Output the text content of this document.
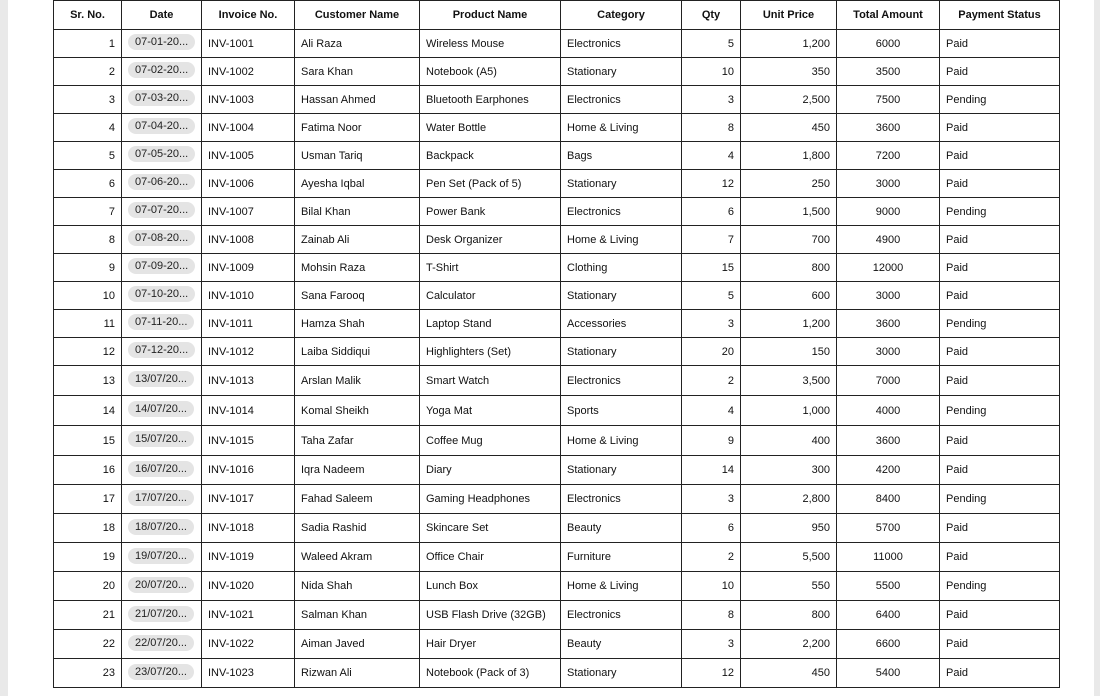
Sr. No.	Date	Invoice No.	Customer Name	Product Name	Category	Qty	Unit Price	Total Amount	Payment Status
1	07-01-20...	INV-1001	Ali Raza	Wireless Mouse	Electronics	5	1,200	6000	Paid
2	07-02-20...	INV-1002	Sara Khan	Notebook (A5)	Stationary	10	350	3500	Paid
3	07-03-20...	INV-1003	Hassan Ahmed	Bluetooth Earphones	Electronics	3	2,500	7500	Pending
4	07-04-20...	INV-1004	Fatima Noor	Water Bottle	Home & Living	8	450	3600	Paid
5	07-05-20...	INV-1005	Usman Tariq	Backpack	Bags	4	1,800	7200	Paid
6	07-06-20...	INV-1006	Ayesha Iqbal	Pen Set (Pack of 5)	Stationary	12	250	3000	Paid
7	07-07-20...	INV-1007	Bilal Khan	Power Bank	Electronics	6	1,500	9000	Pending
8	07-08-20...	INV-1008	Zainab Ali	Desk Organizer	Home & Living	7	700	4900	Paid
9	07-09-20...	INV-1009	Mohsin Raza	T-Shirt	Clothing	15	800	12000	Paid
10	07-10-20...	INV-1010	Sana Farooq	Calculator	Stationary	5	600	3000	Paid
11	07-11-20...	INV-1011	Hamza Shah	Laptop Stand	Accessories	3	1,200	3600	Pending
12	07-12-20...	INV-1012	Laiba Siddiqui	Highlighters (Set)	Stationary	20	150	3000	Paid
13	13/07/20...	INV-1013	Arslan Malik	Smart Watch	Electronics	2	3,500	7000	Paid
14	14/07/20...	INV-1014	Komal Sheikh	Yoga Mat	Sports	4	1,000	4000	Pending
15	15/07/20...	INV-1015	Taha Zafar	Coffee Mug	Home & Living	9	400	3600	Paid
16	16/07/20...	INV-1016	Iqra Nadeem	Diary	Stationary	14	300	4200	Paid
17	17/07/20...	INV-1017	Fahad Saleem	Gaming Headphones	Electronics	3	2,800	8400	Pending
18	18/07/20...	INV-1018	Sadia Rashid	Skincare Set	Beauty	6	950	5700	Paid
19	19/07/20...	INV-1019	Waleed Akram	Office Chair	Furniture	2	5,500	11000	Paid
20	20/07/20...	INV-1020	Nida Shah	Lunch Box	Home & Living	10	550	5500	Pending
21	21/07/20...	INV-1021	Salman Khan	USB Flash Drive (32GB)	Electronics	8	800	6400	Paid
22	22/07/20...	INV-1022	Aiman Javed	Hair Dryer	Beauty	3	2,200	6600	Paid
23	23/07/20...	INV-1023	Rizwan Ali	Notebook (Pack of 3)	Stationary	12	450	5400	Paid
